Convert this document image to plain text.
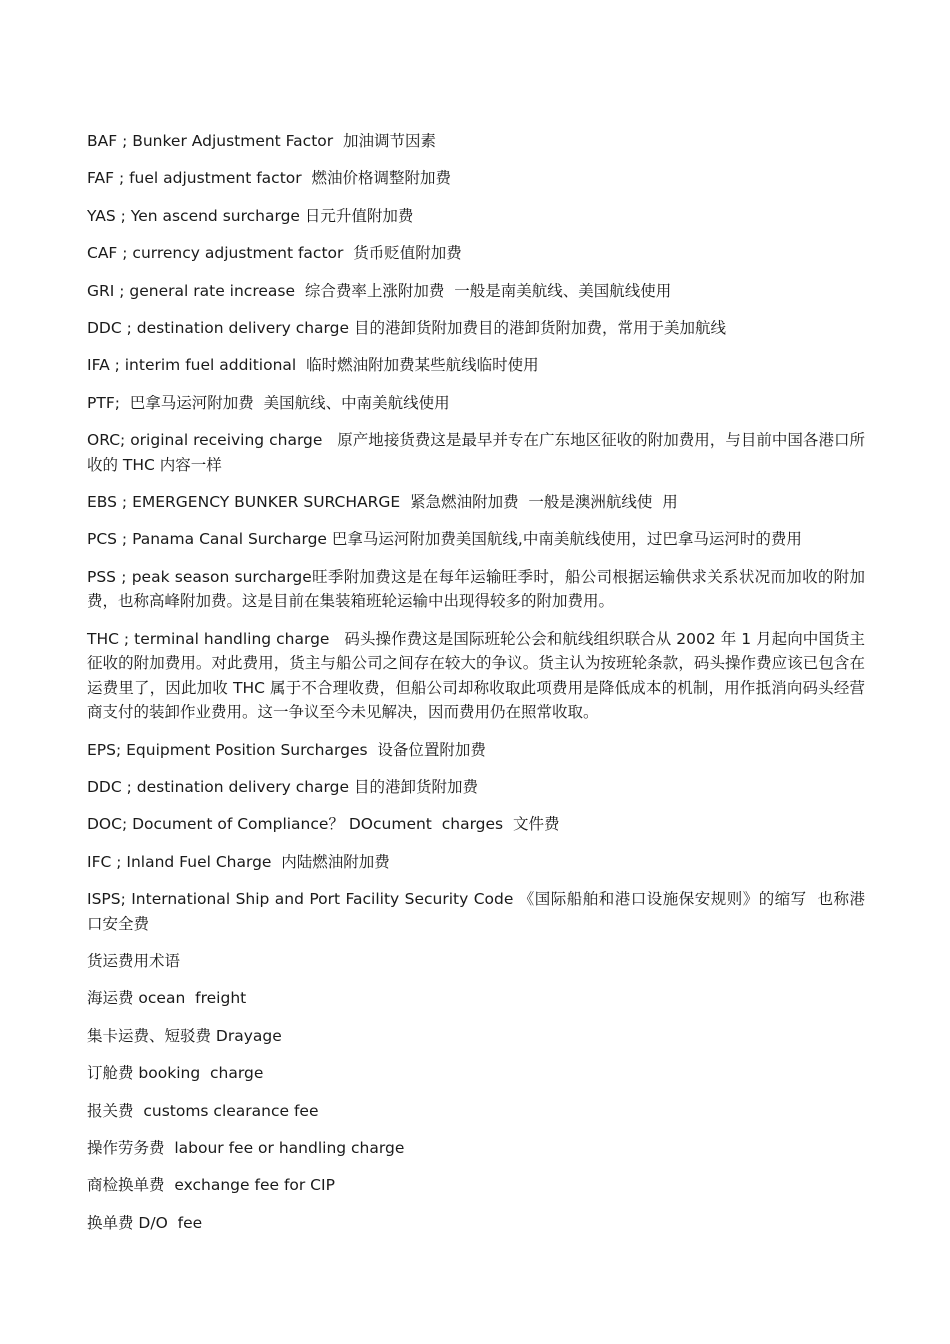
BAF ; Bunker Adjustment Factor  加油调节因素

FAF ; fuel adjustment factor  燃油价格调整附加费

YAS ; Yen ascend surcharge 日元升值附加费

CAF ; currency adjustment factor  货币贬值附加费

GRI ; general rate increase  综合费率上涨附加费  一般是南美航线、美国航线使用

DDC ; destination delivery charge 目的港卸货附加费目的港卸货附加费，常用于美加航线

IFA ; interim fuel additional  临时燃油附加费某些航线临时使用

PTF;  巴拿马运河附加费  美国航线、中南美航线使用

ORC; original receiving charge   原产地接货费这是最早并专在广东地区征收的附加费用，与目前中国各港口所收的 THC 内容一样

EBS ; EMERGENCY BUNKER SURCHARGE  紧急燃油附加费  一般是澳洲航线使  用

PCS ; Panama Canal Surcharge 巴拿马运河附加费美国航线,中南美航线使用，过巴拿马运河时的费用

PSS ; peak season surcharge旺季附加费这是在每年运输旺季时，船公司根据运输供求关系状况而加收的附加费，也称高峰附加费。这是目前在集装箱班轮运输中出现得较多的附加费用。

THC ; terminal handling charge   码头操作费这是国际班轮公会和航线组织联合从 2002 年 1 月起向中国货主征收的附加费用。对此费用，货主与船公司之间存在较大的争议。货主认为按班轮条款，码头操作费应该已包含在运费里了，因此加收 THC 属于不合理收费，但船公司却称收取此项费用是降低成本的机制，用作抵消向码头经营商支付的装卸作业费用。这一争议至今未见解决，因而费用仍在照常收取。

EPS; Equipment Position Surcharges  设备位置附加费

DDC ; destination delivery charge 目的港卸货附加费

DOC; Document of Compliance？ DOcument  charges  文件费

IFC ; Inland Fuel Charge  内陆燃油附加费

ISPS; International Ship and Port Facility Security Code 《国际船舶和港口设施保安规则》的缩写  也称港口安全费

货运费用术语

海运费 ocean  freight

集卡运费、短驳费 Drayage

订舱费 booking  charge

报关费  customs clearance fee

操作劳务费  labour fee or handling charge

商检换单费  exchange fee for CIP

换单费 D/O  fee
